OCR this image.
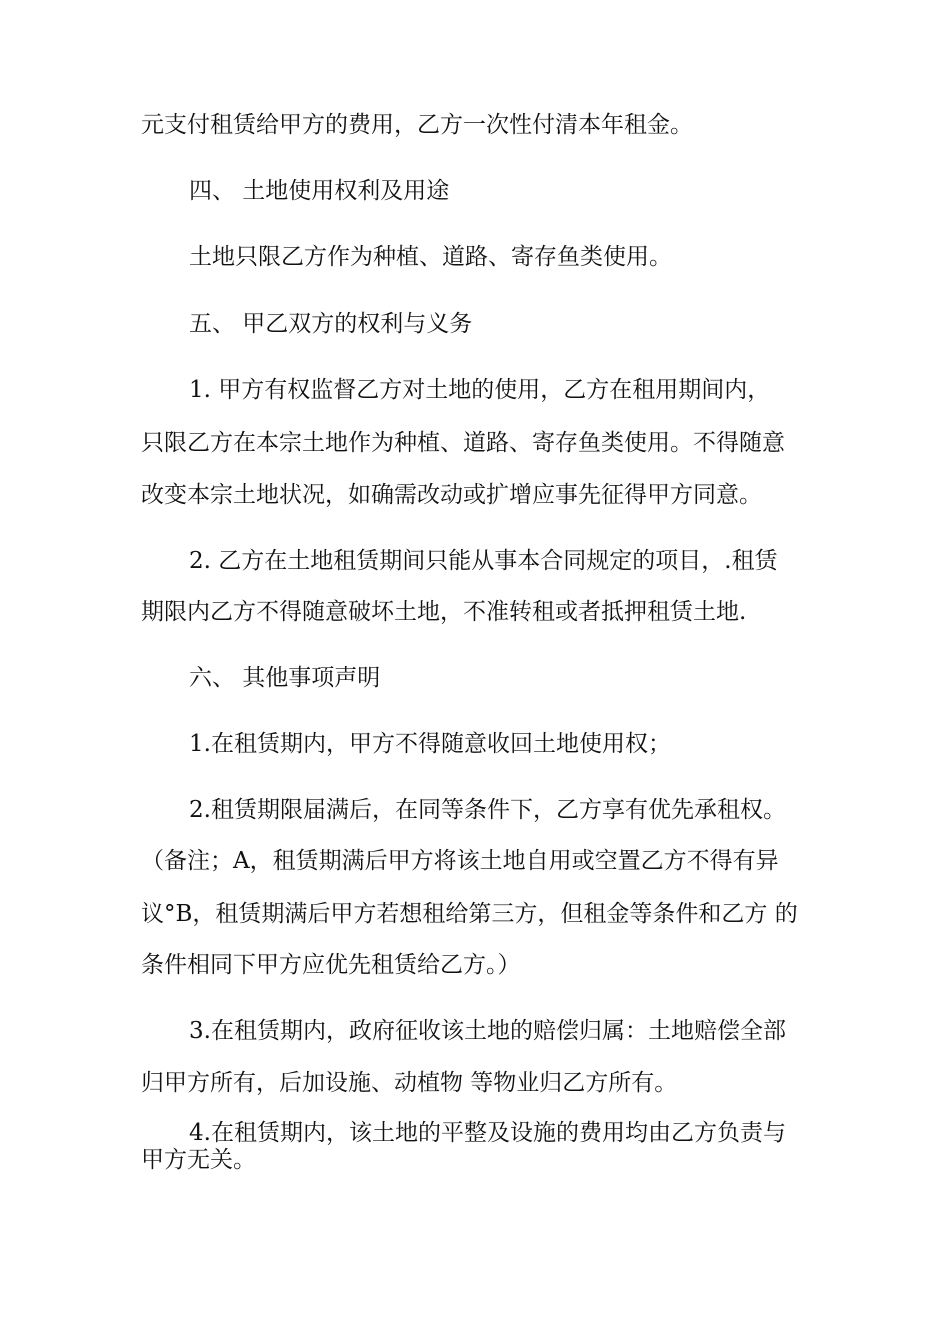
元支付租赁给甲方的费用，乙方一次性付清本年租金。
四、 土地使用权利及用途
土地只限乙方作为种植、道路、寄存鱼类使用。
五、 甲乙双方的权利与义务
1. 甲方有权监督乙方对土地的使用，乙方在租用期间内，
只限乙方在本宗土地作为种植、道路、寄存鱼类使用。不得随意
改变本宗土地状况，如确需改动或扩增应事先征得甲方同意。
2. 乙方在土地租赁期间只能从事本合同规定的项目，.租赁
期限内乙方不得随意破坏土地，不准转租或者抵押租赁土地.
六、 其他事项声明
1.在租赁期内，甲方不得随意收回土地使用权；
2.租赁期限届满后，在同等条件下，乙方享有优先承租权。
（备注；A，租赁期满后甲方将该土地自用或空置乙方不得有异
议°B，租赁期满后甲方若想租给第三方，但租金等条件和乙方 的
条件相同下甲方应优先租赁给乙方。）
3.在租赁期内，政府征收该土地的赔偿归属：土地赔偿全部
归甲方所有，后加设施、动植物 等物业归乙方所有。
4.在租赁期内，该土地的平整及设施的费用均由乙方负责与
甲方无关。
